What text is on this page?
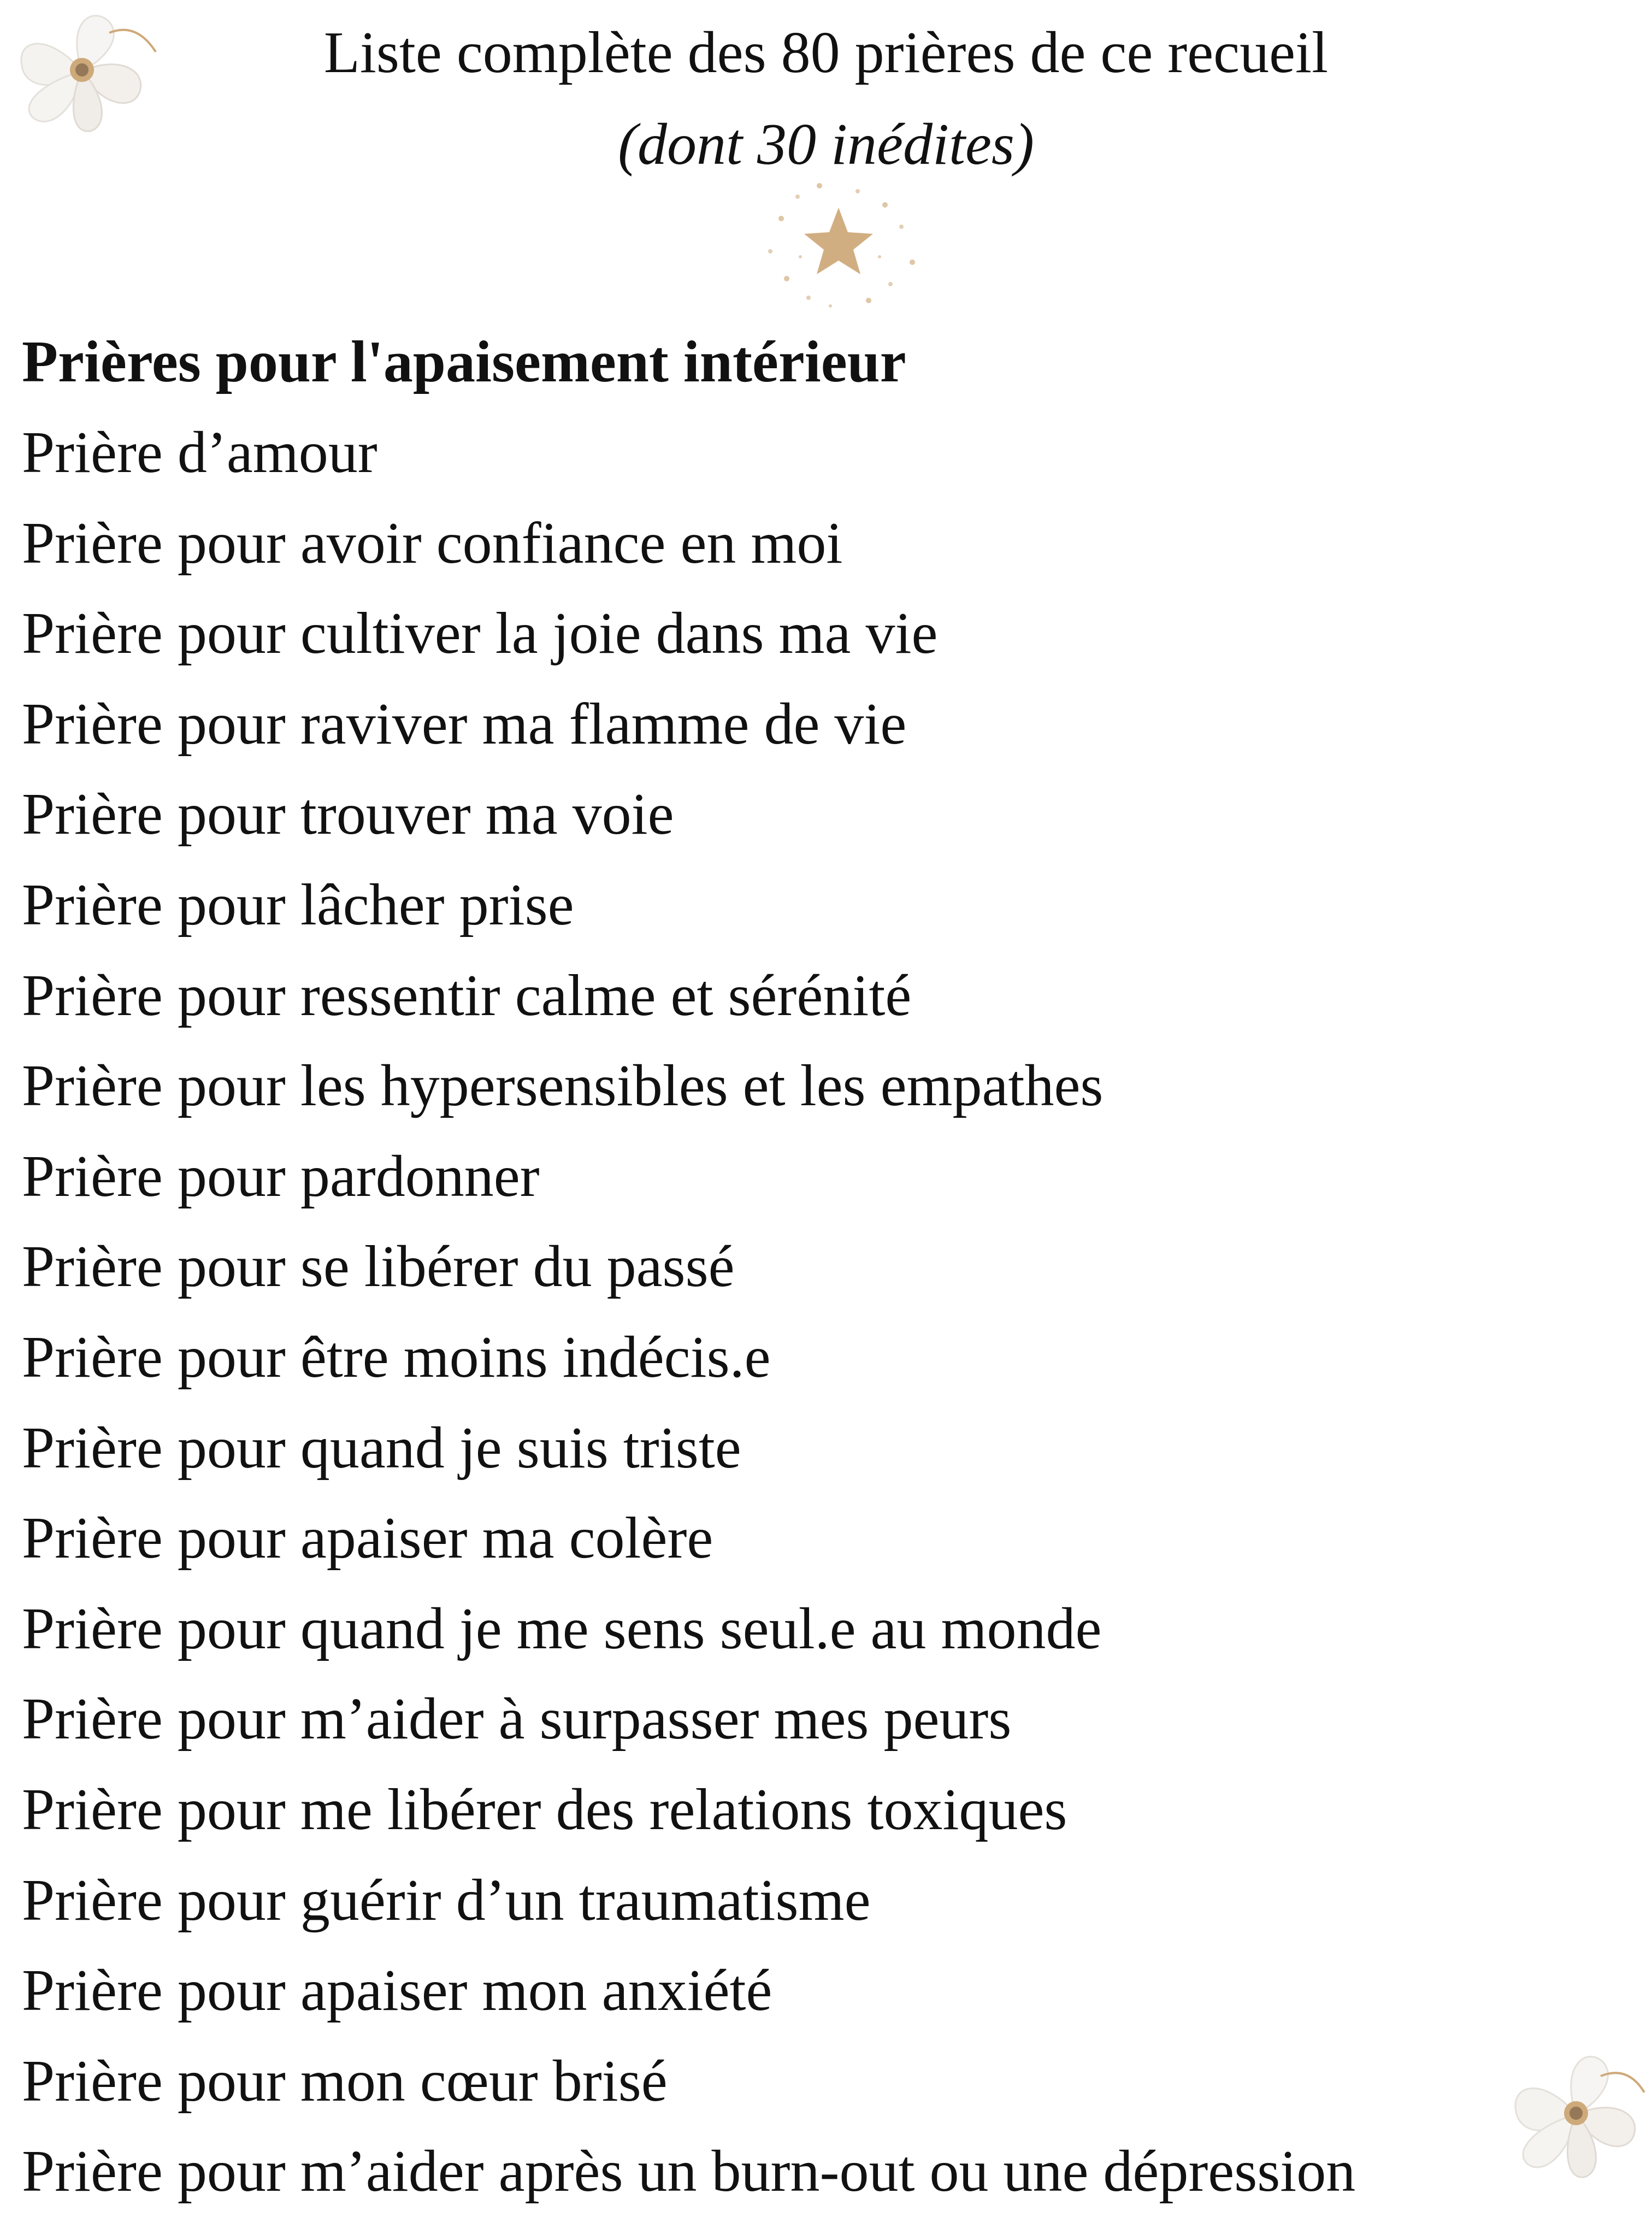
Liste complète des 80 prières de ce recueil
(dont 30 inédites)
Prières pour l'apaisement intérieur
Prière d’amour
Prière pour avoir confiance en moi
Prière pour cultiver la joie dans ma vie
Prière pour raviver ma flamme de vie
Prière pour trouver ma voie
Prière pour lâcher prise
Prière pour ressentir calme et sérénité
Prière pour les hypersensibles et les empathes
Prière pour pardonner
Prière pour se libérer du passé
Prière pour être moins indécis.e
Prière pour quand je suis triste
Prière pour apaiser ma colère
Prière pour quand je me sens seul.e au monde
Prière pour m’aider à surpasser mes peurs
Prière pour me libérer des relations toxiques
Prière pour guérir d’un traumatisme
Prière pour apaiser mon anxiété
Prière pour mon cœur brisé
Prière pour m’aider après un burn-out ou une dépression
